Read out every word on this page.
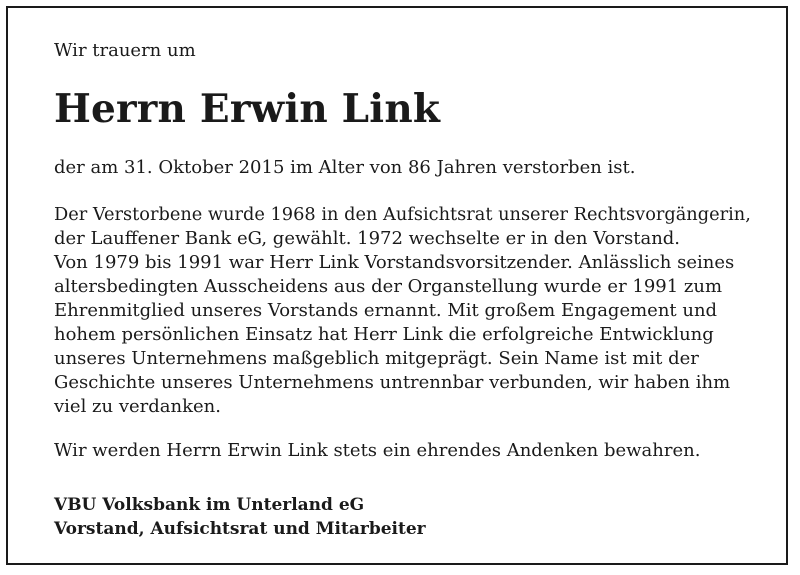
Wir trauern um
Herrn Erwin Link
der am 31. Oktober 2015 im Alter von 86 Jahren verstorben ist.

Der Verstorbene wurde 1968 in den Aufsichtsrat unserer Rechtsvorgängerin,
der Lauffener Bank eG, gewählt. 1972 wechselte er in den Vorstand.
Von 1979 bis 1991 war Herr Link Vorstandsvorsitzender. Anlässlich seines
altersbedingten Ausscheidens aus der Organstellung wurde er 1991 zum
Ehrenmitglied unseres Vorstands ernannt. Mit großem Engagement und
hohem persönlichen Einsatz hat Herr Link die erfolgreiche Entwicklung
unseres Unternehmens maßgeblich mitgeprägt. Sein Name ist mit der
Geschichte unseres Unternehmens untrennbar verbunden, wir haben ihm
viel zu verdanken.

Wir werden Herrn Erwin Link stets ein ehrendes Andenken bewahren.
VBU Volksbank im Unterland eG
Vorstand, Aufsichtsrat und Mitarbeiter
